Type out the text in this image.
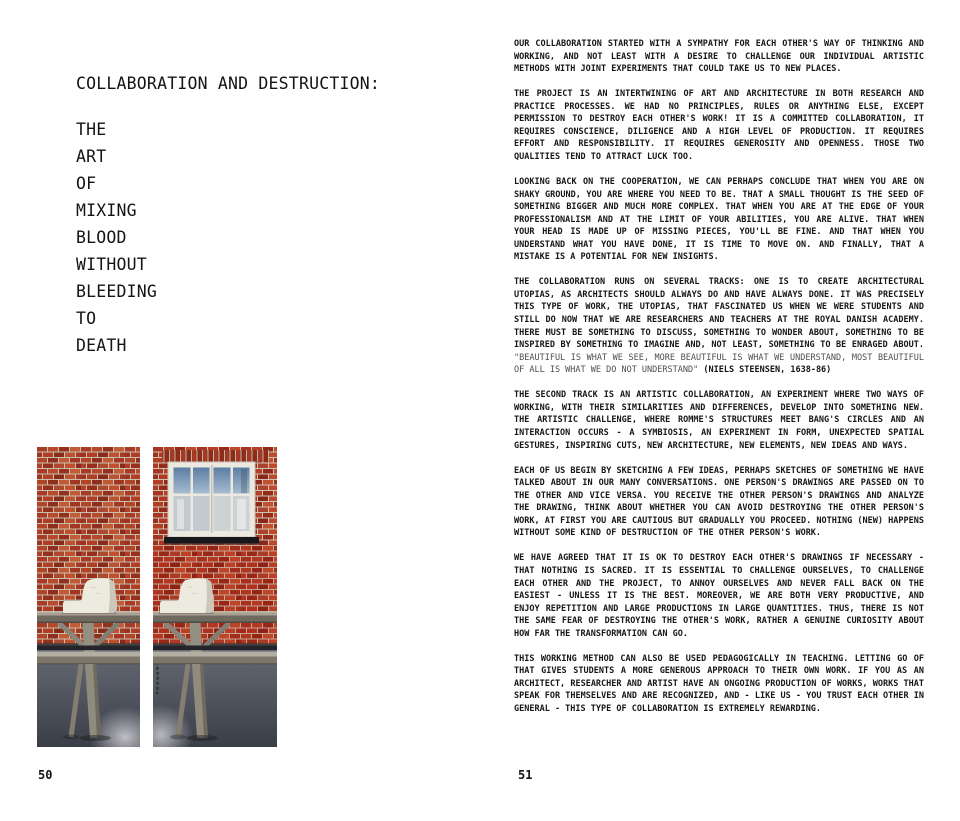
COLLABORATION AND DESTRUCTION:
THE
ART
OF
MIXING
BLOOD
WITHOUT
BLEEDING
TO
DEATH
50

OUR COLLABORATION STARTED WITH A SYMPATHY FOR EACH OTHER'S WAY OF THINKING AND WORKING, AND NOT LEAST WITH A DESIRE TO CHALLENGE OUR INDIVIDUAL ARTISTIC METHODS WITH JOINT EXPERIMENTS THAT COULD TAKE US TO NEW PLACES.

THE PROJECT IS AN INTERTWINING OF ART AND ARCHITECTURE IN BOTH RESEARCH AND PRACTICE PROCESSES. WE HAD NO PRINCIPLES, RULES OR ANYTHING ELSE, EXCEPT PERMISSION TO DESTROY EACH OTHER'S WORK! IT IS A COMMITTED COLLABORATION, IT REQUIRES CONSCIENCE, DILIGENCE AND A HIGH LEVEL OF PRODUCTION. IT REQUIRES EFFORT AND RESPONSIBILITY. IT REQUIRES GENEROSITY AND OPENNESS. THOSE TWO QUALITIES TEND TO ATTRACT LUCK TOO.

LOOKING BACK ON THE COOPERATION, WE CAN PERHAPS CONCLUDE THAT WHEN YOU ARE ON SHAKY GROUND, YOU ARE WHERE YOU NEED TO BE. THAT A SMALL THOUGHT IS THE SEED OF SOMETHING BIGGER AND MUCH MORE COMPLEX. THAT WHEN YOU ARE AT THE EDGE OF YOUR PROFESSIONALISM AND AT THE LIMIT OF YOUR ABILITIES, YOU ARE ALIVE. THAT WHEN YOUR HEAD IS MADE UP OF MISSING PIECES, YOU'LL BE FINE. AND THAT WHEN YOU UNDERSTAND WHAT YOU HAVE DONE, IT IS TIME TO MOVE ON. AND FINALLY, THAT A MISTAKE IS A POTENTIAL FOR NEW INSIGHTS.

THE COLLABORATION RUNS ON SEVERAL TRACKS: ONE IS TO CREATE ARCHITECTURAL UTOPIAS, AS ARCHITECTS SHOULD ALWAYS DO AND HAVE ALWAYS DONE. IT WAS PRECISELY THIS TYPE OF WORK, THE UTOPIAS, THAT FASCINATED US WHEN WE WERE STUDENTS AND STILL DO NOW THAT WE ARE RESEARCHERS AND TEACHERS AT THE ROYAL DANISH ACADEMY. THERE MUST BE SOMETHING TO DISCUSS, SOMETHING TO WONDER ABOUT, SOMETHING TO BE INSPIRED BY SOMETHING TO IMAGINE AND, NOT LEAST, SOMETHING TO BE ENRAGED ABOUT. "BEAUTIFUL IS WHAT WE SEE, MORE BEAUTIFUL IS WHAT WE UNDERSTAND, MOST BEAUTIFUL OF ALL IS WHAT WE DO NOT UNDERSTAND" (NIELS STEENSEN, 1638-86)

THE SECOND TRACK IS AN ARTISTIC COLLABORATION, AN EXPERIMENT WHERE TWO WAYS OF WORKING, WITH THEIR SIMILARITIES AND DIFFERENCES, DEVELOP INTO SOMETHING NEW. THE ARTISTIC CHALLENGE, WHERE ROMME'S STRUCTURES MEET BANG'S CIRCLES AND AN INTERACTION OCCURS - A SYMBIOSIS, AN EXPERIMENT IN FORM, UNEXPECTED SPATIAL GESTURES, INSPIRING CUTS, NEW ARCHITECTURE, NEW ELEMENTS, NEW IDEAS AND WAYS.

EACH OF US BEGIN BY SKETCHING A FEW IDEAS, PERHAPS SKETCHES OF SOMETHING WE HAVE TALKED ABOUT IN OUR MANY CONVERSATIONS. ONE PERSON'S DRAWINGS ARE PASSED ON TO THE OTHER AND VICE VERSA. YOU RECEIVE THE OTHER PERSON'S DRAWINGS AND ANALYZE THE DRAWING, THINK ABOUT WHETHER YOU CAN AVOID DESTROYING THE OTHER PERSON'S WORK, AT FIRST YOU ARE CAUTIOUS BUT GRADUALLY YOU PROCEED. NOTHING (NEW) HAPPENS WITHOUT SOME KIND OF DESTRUCTION OF THE OTHER PERSON'S WORK.

WE HAVE AGREED THAT IT IS OK TO DESTROY EACH OTHER'S DRAWINGS IF NECESSARY - THAT NOTHING IS SACRED. IT IS ESSENTIAL TO CHALLENGE OURSELVES, TO CHALLENGE EACH OTHER AND THE PROJECT, TO ANNOY OURSELVES AND NEVER FALL BACK ON THE EASIEST - UNLESS IT IS THE BEST. MOREOVER, WE ARE BOTH VERY PRODUCTIVE, AND ENJOY REPETITION AND LARGE PRODUCTIONS IN LARGE QUANTITIES. THUS, THERE IS NOT THE SAME FEAR OF DESTROYING THE OTHER'S WORK, RATHER A GENUINE CURIOSITY ABOUT HOW FAR THE TRANSFORMATION CAN GO.

THIS WORKING METHOD CAN ALSO BE USED PEDAGOGICALLY IN TEACHING. LETTING GO OF THAT GIVES STUDENTS A MORE GENEROUS APPROACH TO THEIR OWN WORK. IF YOU AS AN ARCHITECT, RESEARCHER AND ARTIST HAVE AN ONGOING PRODUCTION OF WORKS, WORKS THAT SPEAK FOR THEMSELVES AND ARE RECOGNIZED, AND - LIKE US - YOU TRUST EACH OTHER IN GENERAL - THIS TYPE OF COLLABORATION IS EXTREMELY REWARDING.

51
